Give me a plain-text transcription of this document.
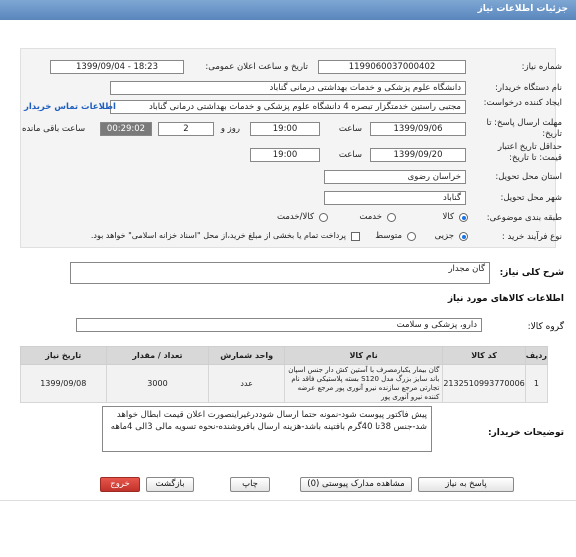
جزئیات اطلاعات نیاز
شماره نیاز:
1199060037000402
تاریخ و ساعت اعلان عمومی:
1399/09/04 - 18:23
نام دستگاه خریدار:
دانشگاه علوم پزشکی و خدمات بهداشتی درمانی گناباد
ایجاد کننده درخواست:
مجتبی راستین خدمتگزار تبصره 4 دانشگاه علوم پزشکی و خدمات بهداشتی درمانی گناباد
اطلاعات تماس خریدار
مهلت ارسال پاسخ: تا تاریخ:
1399/09/06
ساعت
19:00
2	روز و
00:29:02
ساعت باقی مانده
حداقل تاریخ اعتبار قیمت: تا تاریخ:
1399/09/20
ساعت
19:00
استان محل تحویل:
خراسان رضوی
شهر محل تحویل:
گناباد
طبقه بندی موضوعی:
کالا
خدمت
کالا/خدمت
نوع فرآیند خرید :
جزیی
متوسط
پرداخت تمام یا بخشی از مبلغ خرید،از محل "اسناد خزانه اسلامی" خواهد بود.
شرح کلی نیاز:
گان مجدار
اطلاعات کالاهای مورد نیاز
گروه کالا:
دارو، پزشکی و سلامت
ردیف	کد کالا	نام کالا	واحد شمارش	تعداد / مقدار	تاریخ نیاز
1	2132510993770006	گان بیمار یکبارمصرف با آستین کش دار جنس اسپان باند سایز بزرگ مدل S120 بسته پلاستیکی فاقد نام تجارتی مرجع سازنده نیرو آنوری پور مرجع عرضه کننده نیرو آنوری پور	عدد	3000	1399/09/08
توضیحات خریدار:
پیش فاکتور پیوست شود-نمونه حتما ارسال شوددرغیراینصورت اعلان قیمت ابطال خواهد شد-جنس 38تا 40گرم بافتینه باشد-هزینه ارسال بافروشنده-نحوه تسویه مالی 3الی 4ماهه
پاسخ به نیاز
مشاهده مدارک پیوستی (0)
چاپ
بازگشت
خروج
